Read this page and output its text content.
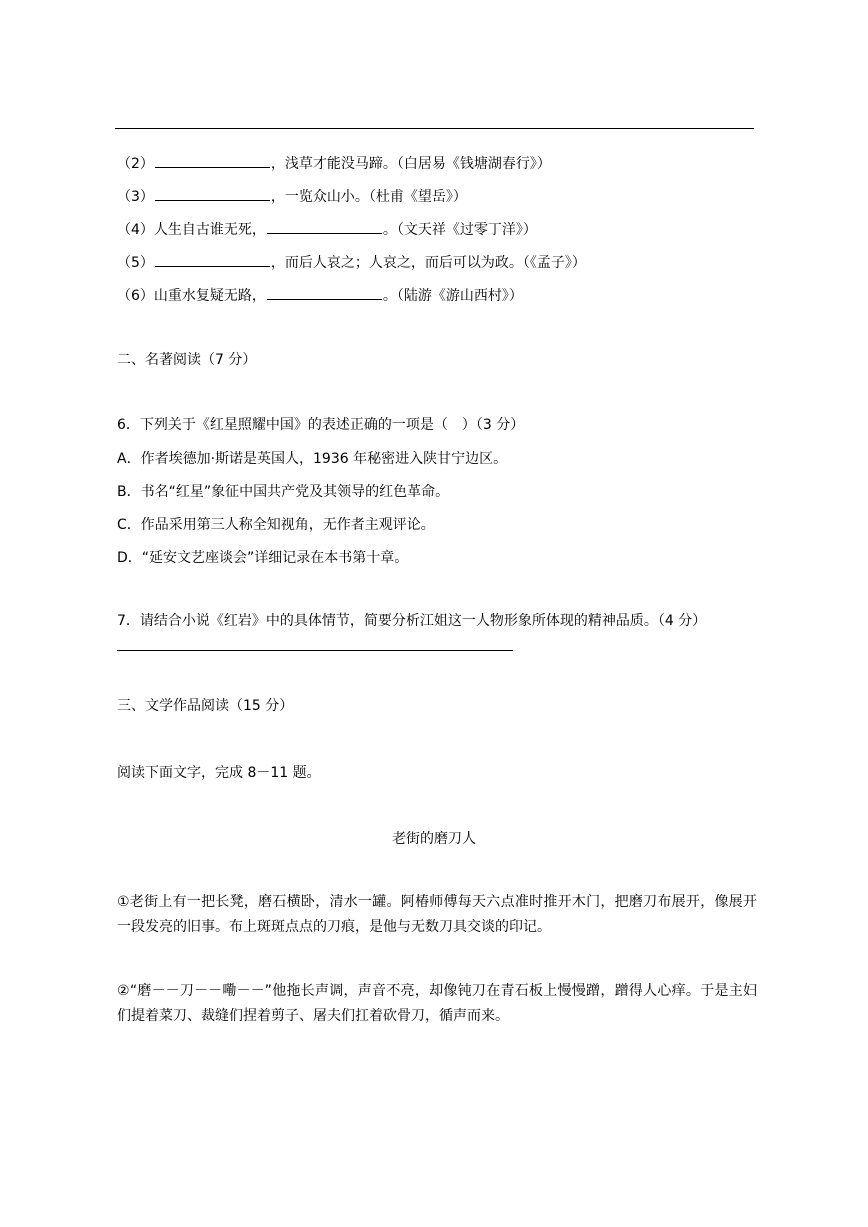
（2）	，浅草才能没马蹄。（白居易《钱塘湖春行》）
（3）	，一览众山小。（杜甫《望岳》）
（4）人生自古谁无死，	。（文天祥《过零丁洋》）
（5）	，而后人哀之；人哀之，而后可以为政。（《孟子》）
（6）山重水复疑无路，	。（陆游《游山西村》）
二、名著阅读（7 分）
6．下列关于《红星照耀中国》的表述正确的一项是（　）（3 分）
A．作者埃德加·斯诺是英国人，1936 年秘密进入陕甘宁边区。
B．书名“红星”象征中国共产党及其领导的红色革命。
C．作品采用第三人称全知视角，无作者主观评论。
D．“延安文艺座谈会”详细记录在本书第十章。
7．请结合小说《红岩》中的具体情节，简要分析江姐这一人物形象所体现的精神品质。（4 分）
三、文学作品阅读（15 分）
阅读下面文字，完成 8－11 题。
老街的磨刀人
①老街上有一把长凳，磨石横卧，清水一罐。阿椿师傅每天六点准时推开木门，把磨刀布展开，像展开一段发亮的旧事。布上斑斑点点的刀痕，是他与无数刀具交谈的印记。
②“磨－－刀－－嘞－－”他拖长声调，声音不亮，却像钝刀在青石板上慢慢蹭，蹭得人心痒。于是主妇们提着菜刀、裁缝们捏着剪子、屠夫们扛着砍骨刀，循声而来。
